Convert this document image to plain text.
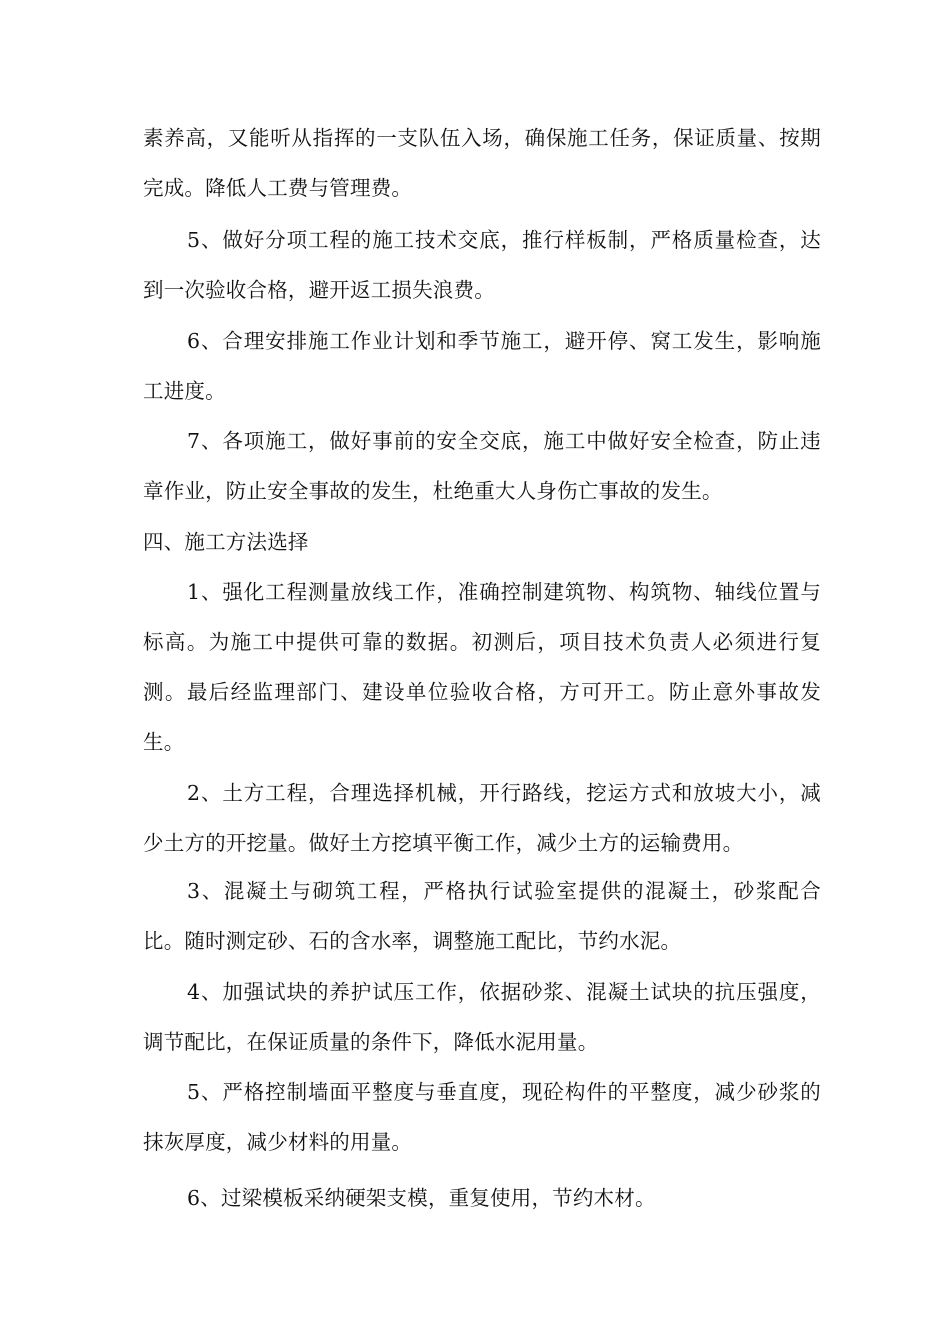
素养高，又能听从指挥的一支队伍入场，确保施工任务，保证质量、按期完成。降低人工费与管理费。

5、做好分项工程的施工技术交底，推行样板制，严格质量检查，达到一次验收合格，避开返工损失浪费。

6、合理安排施工作业计划和季节施工，避开停、窝工发生，影响施工进度。

7、各项施工，做好事前的安全交底，施工中做好安全检查，防止违章作业，防止安全事故的发生，杜绝重大人身伤亡事故的发生。

四、施工方法选择

1、强化工程测量放线工作，准确控制建筑物、构筑物、轴线位置与标高。为施工中提供可靠的数据。初测后，项目技术负责人必须进行复测。最后经监理部门、建设单位验收合格，方可开工。防止意外事故发生。

2、土方工程，合理选择机械，开行路线，挖运方式和放坡大小，减少土方的开挖量。做好土方挖填平衡工作，减少土方的运输费用。

3、混凝土与砌筑工程，严格执行试验室提供的混凝土，砂浆配合比。随时测定砂、石的含水率，调整施工配比，节约水泥。

4、加强试块的养护试压工作，依据砂浆、混凝土试块的抗压强度，调节配比，在保证质量的条件下，降低水泥用量。

5、严格控制墙面平整度与垂直度，现砼构件的平整度，减少砂浆的抹灰厚度，减少材料的用量。

6、过梁模板采纳硬架支模，重复使用，节约木材。
